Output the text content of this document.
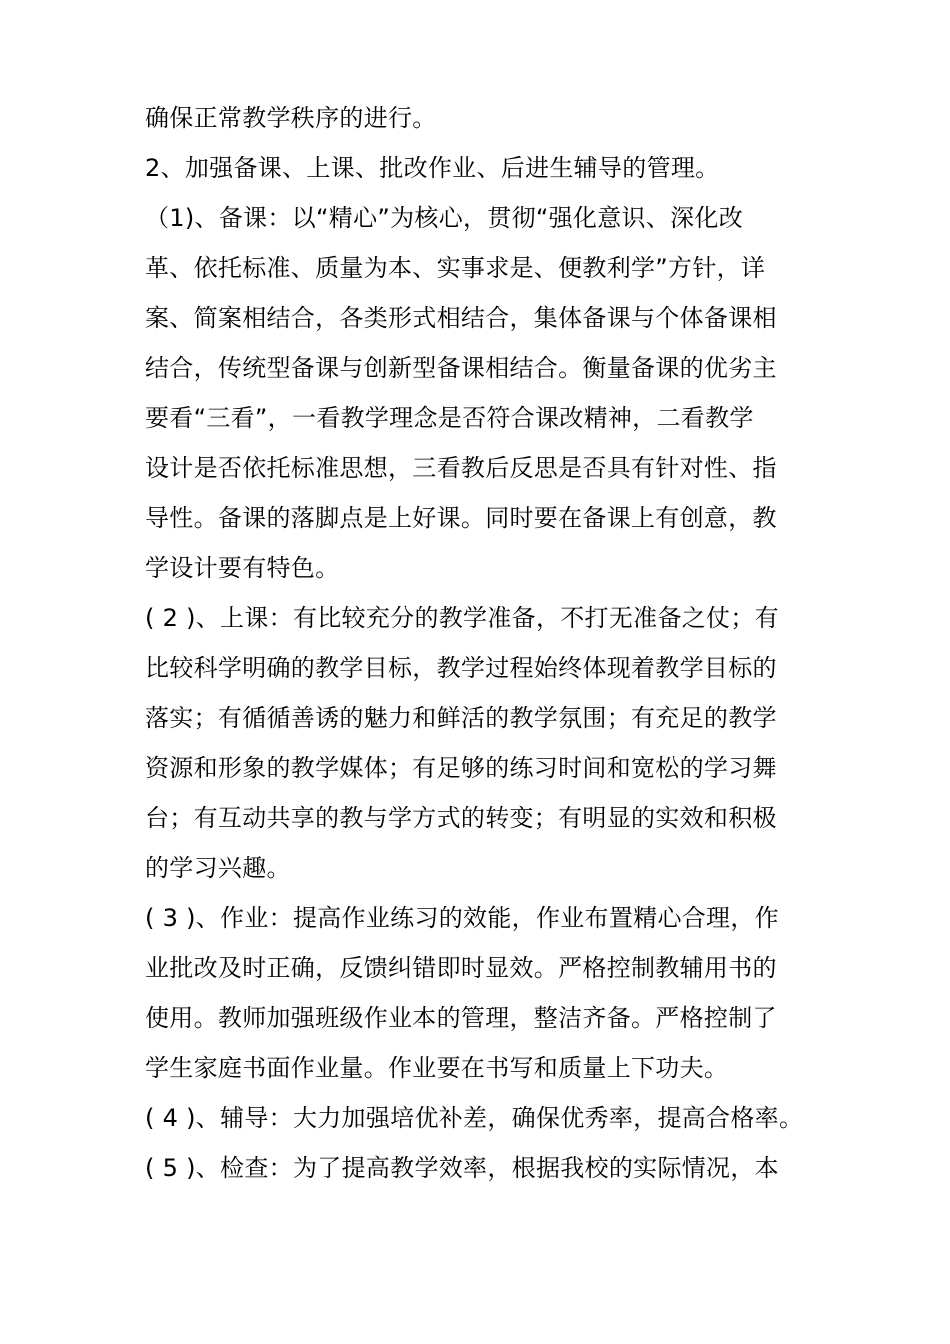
确保正常教学秩序的进行。
2、加强备课、上课、批改作业、后进生辅导的管理。
（1)、备课：以“精心”为核心，贯彻“强化意识、深化改
革、依托标准、质量为本、实事求是、便教利学”方针，详
案、简案相结合，各类形式相结合，集体备课与个体备课相
结合，传统型备课与创新型备课相结合。衡量备课的优劣主
要看“三看”，一看教学理念是否符合课改精神，二看教学
设计是否依托标准思想，三看教后反思是否具有针对性、指
导性。备课的落脚点是上好课。同时要在备课上有创意，教
学设计要有特色。
( 2 )、上课：有比较充分的教学准备，不打无准备之仗；有
比较科学明确的教学目标，教学过程始终体现着教学目标的
落实；有循循善诱的魅力和鲜活的教学氛围；有充足的教学
资源和形象的教学媒体；有足够的练习时间和宽松的学习舞
台；有互动共享的教与学方式的转变；有明显的实效和积极
的学习兴趣。
( 3 )、作业：提高作业练习的效能，作业布置精心合理，作
业批改及时正确，反馈纠错即时显效。严格控制教辅用书的
使用。教师加强班级作业本的管理，整洁齐备。严格控制了
学生家庭书面作业量。作业要在书写和质量上下功夫。
( 4 )、辅导：大力加强培优补差，确保优秀率，提高合格率。
( 5 )、检查：为了提高教学效率，根据我校的实际情况，本
